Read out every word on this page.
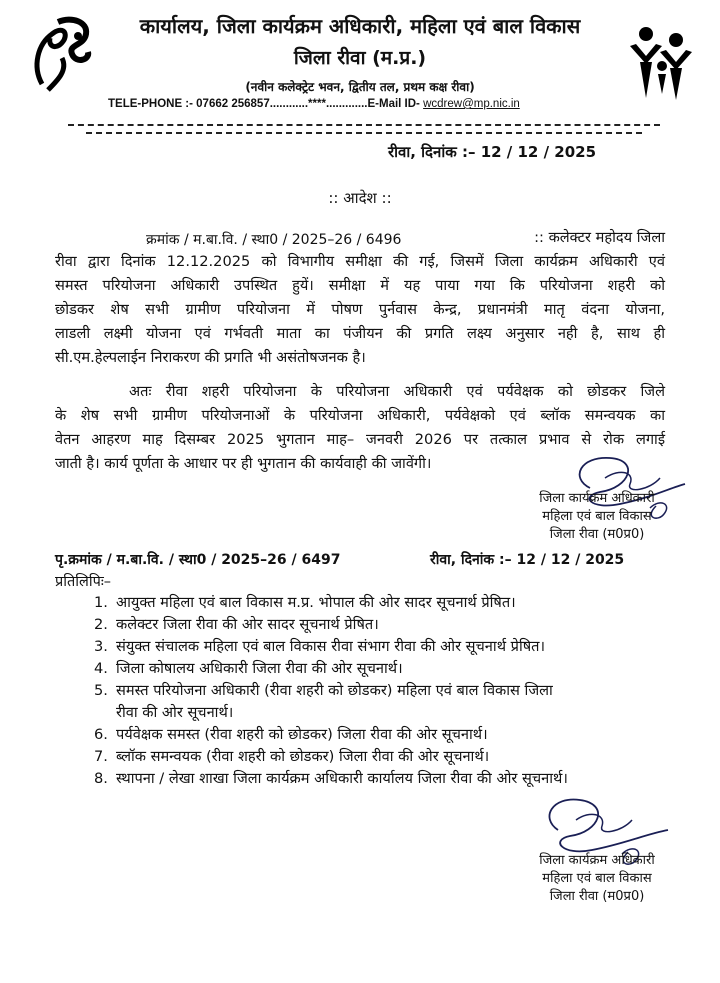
कार्यालय, जिला कार्यक्रम अधिकारी, महिला एवं बाल विकास
जिला रीवा (म.प्र.)
(नवीन कलेक्ट्रेट भवन, द्वितीय तल, प्रथम कक्ष रीवा)
TELE-PHONE :- 07662 256857............****.............E-Mail ID- wcdrew@mp.nic.in
रीवा, दिनांक :– 12 / 12 / 2025
:: आदेश ::
क्रमांक / म.बा.वि. / स्था0 / 2025–26 / 6496	:: कलेक्टर महोदय जिला
रीवा द्वारा दिनांक 12.12.2025 को विभागीय समीक्षा की गई, जिसमें जिला कार्यक्रम अधिकारी एवं
समस्त परियोजना अधिकारी उपस्थित हुयें। समीक्षा में यह पाया गया कि परियोजना शहरी को
छोडकर शेष सभी ग्रामीण परियोजना में पोषण पुर्नवास केन्द्र, प्रधानमंत्री मातृ वंदना योजना,
लाडली लक्ष्मी योजना एवं गर्भवती माता का पंजीयन की प्रगति लक्ष्य अनुसार नही है, साथ ही
सी.एम.हेल्पलाईन निराकरण की प्रगति भी असंतोषजनक है।
अतः रीवा शहरी परियोजना के परियोजना अधिकारी एवं पर्यवेक्षक को छोडकर जिले
के शेष सभी ग्रामीण परियोजनाओं के परियोजना अधिकारी, पर्यवेक्षको एवं ब्लॉक समन्वयक का
वेतन आहरण माह दिसम्बर 2025 भुगतान माह– जनवरी 2026 पर तत्काल प्रभाव से रोक लगाई
जाती है। कार्य पूर्णता के आधार पर ही भुगतान की कार्यवाही की जावेंगी।
जिला कार्यक्रम अधिकारी
महिला एवं बाल विकास
जिला रीवा (म0प्र0)
पृ.क्रमांक / म.बा.वि. / स्था0 / 2025–26 / 6497	रीवा, दिनांक :– 12 / 12 / 2025
प्रतिलिपिः–
1. आयुक्त महिला एवं बाल विकास म.प्र. भोपाल की ओर सादर सूचनार्थ प्रेषित।
2. कलेक्टर जिला रीवा की ओर सादर सूचनार्थ प्रेषित।
3. संयुक्त संचालक महिला एवं बाल विकास रीवा संभाग रीवा की ओर सूचनार्थ प्रेषित।
4. जिला कोषालय अधिकारी जिला रीवा की ओर सूचनार्थ।
5. समस्त परियोजना अधिकारी (रीवा शहरी को छोडकर) महिला एवं बाल विकास जिला
रीवा की ओर सूचनार्थ।
6. पर्यवेक्षक समस्त (रीवा शहरी को छोडकर) जिला रीवा की ओर सूचनार्थ।
7. ब्लॉक समन्वयक (रीवा शहरी को छोडकर) जिला रीवा की ओर सूचनार्थ।
8. स्थापना / लेखा शाखा जिला कार्यक्रम अधिकारी कार्यालय जिला रीवा की ओर सूचनार्थ।
जिला कार्यक्रम अधिकारी
महिला एवं बाल विकास
जिला रीवा (म0प्र0)
